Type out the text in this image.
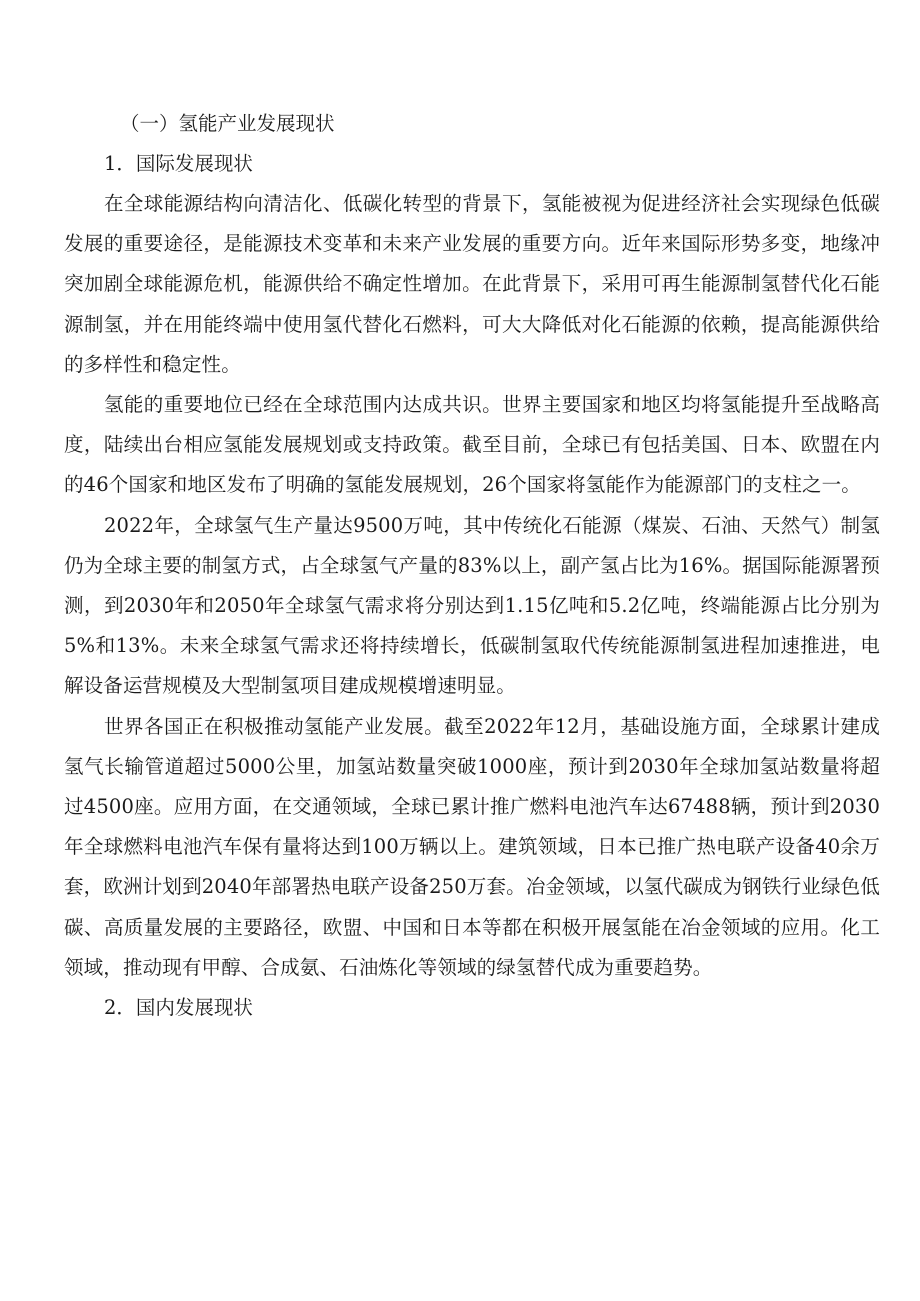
（一）氢能产业发展现状

1．国际发展现状

在全球能源结构向清洁化、低碳化转型的背景下，氢能被视为促进经济社会实现绿色低碳发展的重要途径，是能源技术变革和未来产业发展的重要方向。近年来国际形势多变，地缘冲突加剧全球能源危机，能源供给不确定性增加。在此背景下，采用可再生能源制氢替代化石能源制氢，并在用能终端中使用氢代替化石燃料，可大大降低对化石能源的依赖，提高能源供给的多样性和稳定性。

氢能的重要地位已经在全球范围内达成共识。世界主要国家和地区均将氢能提升至战略高度，陆续出台相应氢能发展规划或支持政策。截至目前，全球已有包括美国、日本、欧盟在内的46个国家和地区发布了明确的氢能发展规划，26个国家将氢能作为能源部门的支柱之一。

2022年，全球氢气生产量达9500万吨，其中传统化石能源（煤炭、石油、天然气）制氢仍为全球主要的制氢方式，占全球氢气产量的83%以上，副产氢占比为16%。据国际能源署预测，到2030年和2050年全球氢气需求将分别达到1.15亿吨和5.2亿吨，终端能源占比分别为5%和13%。未来全球氢气需求还将持续增长，低碳制氢取代传统能源制氢进程加速推进，电解设备运营规模及大型制氢项目建成规模增速明显。

世界各国正在积极推动氢能产业发展。截至2022年12月，基础设施方面，全球累计建成氢气长输管道超过5000公里，加氢站数量突破1000座，预计到2030年全球加氢站数量将超过4500座。应用方面，在交通领域，全球已累计推广燃料电池汽车达67488辆，预计到2030年全球燃料电池汽车保有量将达到100万辆以上。建筑领域，日本已推广热电联产设备40余万套，欧洲计划到2040年部署热电联产设备250万套。冶金领域，以氢代碳成为钢铁行业绿色低碳、高质量发展的主要路径，欧盟、中国和日本等都在积极开展氢能在冶金领域的应用。化工领域，推动现有甲醇、合成氨、石油炼化等领域的绿氢替代成为重要趋势。

2．国内发展现状
